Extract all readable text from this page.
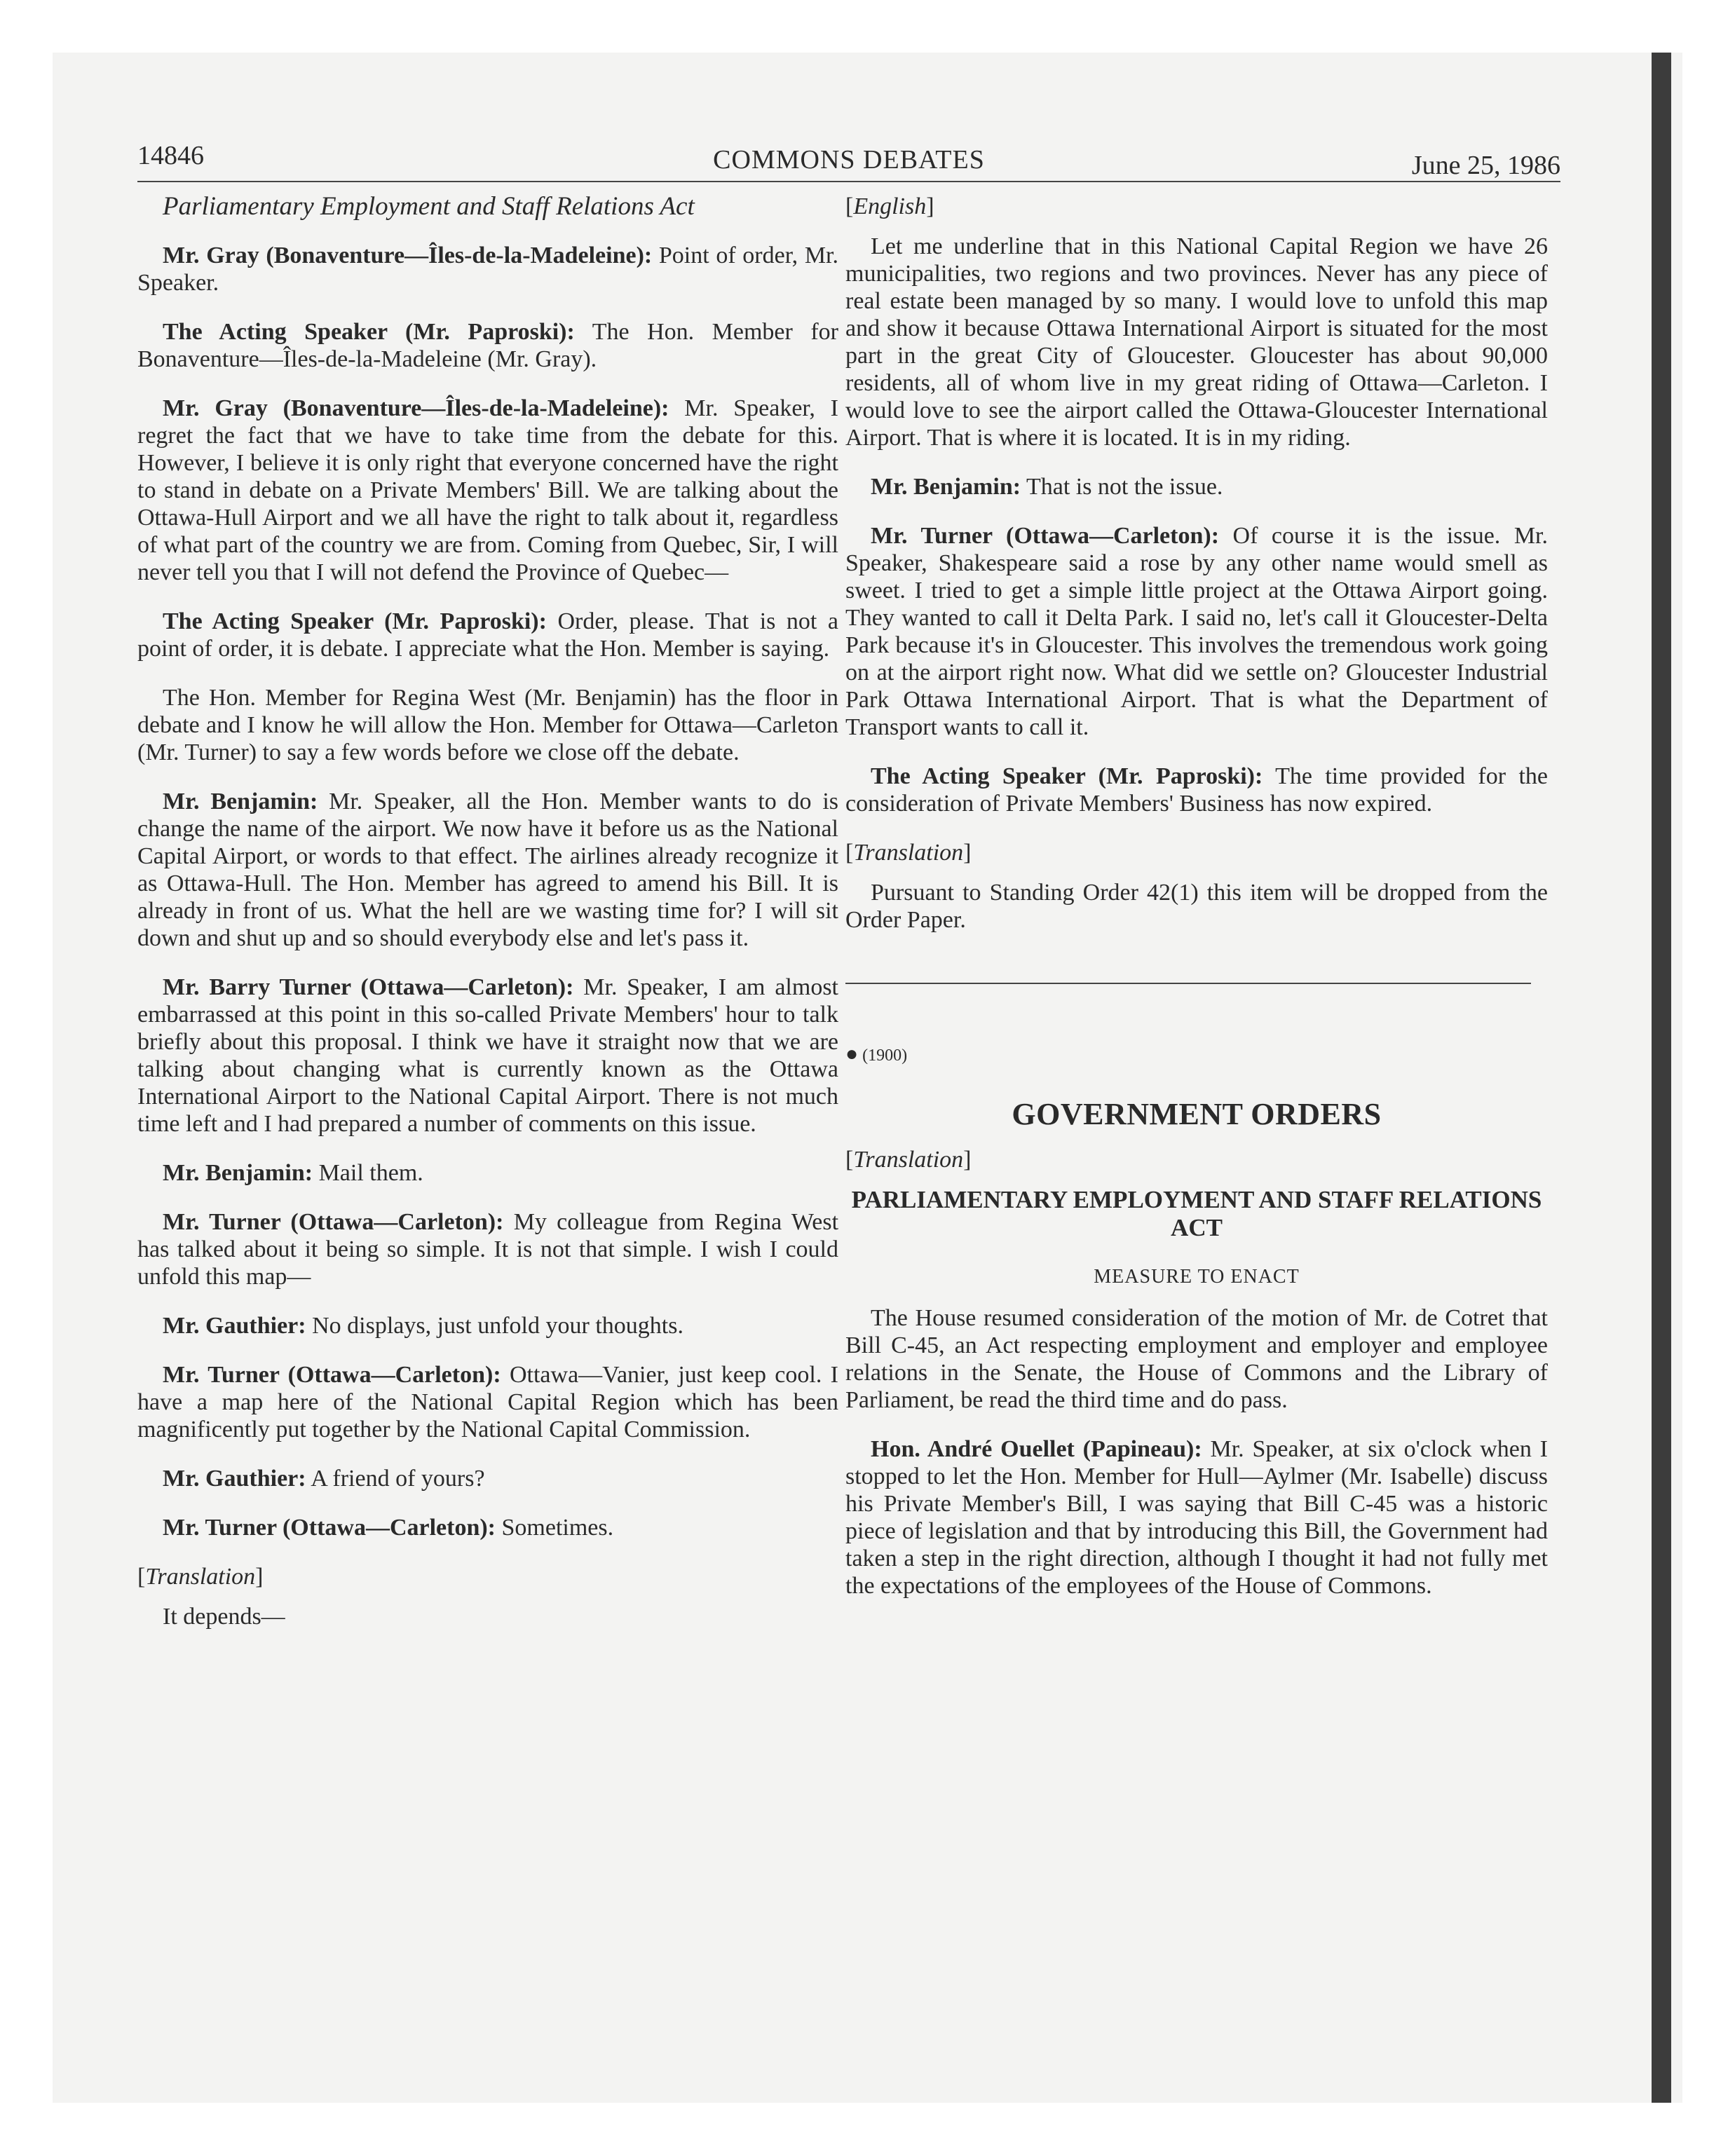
14846	COMMONS DEBATES	June 25, 1986

Parliamentary Employment and Staff Relations Act

Mr. Gray (Bonaventure—Îles-de-la-Madeleine): Point of order, Mr. Speaker.

The Acting Speaker (Mr. Paproski): The Hon. Member for Bonaventure—Îles-de-la-Madeleine (Mr. Gray).

Mr. Gray (Bonaventure—Îles-de-la-Madeleine): Mr. Speaker, I regret the fact that we have to take time from the debate for this. However, I believe it is only right that everyone concerned have the right to stand in debate on a Private Members' Bill. We are talking about the Ottawa-Hull Airport and we all have the right to talk about it, regardless of what part of the country we are from. Coming from Quebec, Sir, I will never tell you that I will not defend the Province of Quebec—

The Acting Speaker (Mr. Paproski): Order, please. That is not a point of order, it is debate. I appreciate what the Hon. Member is saying.

The Hon. Member for Regina West (Mr. Benjamin) has the floor in debate and I know he will allow the Hon. Member for Ottawa—Carleton (Mr. Turner) to say a few words before we close off the debate.

Mr. Benjamin: Mr. Speaker, all the Hon. Member wants to do is change the name of the airport. We now have it before us as the National Capital Airport, or words to that effect. The airlines already recognize it as Ottawa-Hull. The Hon. Member has agreed to amend his Bill. It is already in front of us. What the hell are we wasting time for? I will sit down and shut up and so should everybody else and let's pass it.

Mr. Barry Turner (Ottawa—Carleton): Mr. Speaker, I am almost embarrassed at this point in this so-called Private Members' hour to talk briefly about this proposal. I think we have it straight now that we are talking about changing what is currently known as the Ottawa International Airport to the National Capital Airport. There is not much time left and I had prepared a number of comments on this issue.

Mr. Benjamin: Mail them.

Mr. Turner (Ottawa—Carleton): My colleague from Regina West has talked about it being so simple. It is not that simple. I wish I could unfold this map—

Mr. Gauthier: No displays, just unfold your thoughts.

Mr. Turner (Ottawa—Carleton): Ottawa—Vanier, just keep cool. I have a map here of the National Capital Region which has been magnificently put together by the National Capital Commission.

Mr. Gauthier: A friend of yours?

Mr. Turner (Ottawa—Carleton): Sometimes.

[Translation]

It depends—

[English]

Let me underline that in this National Capital Region we have 26 municipalities, two regions and two provinces. Never has any piece of real estate been managed by so many. I would love to unfold this map and show it because Ottawa International Airport is situated for the most part in the great City of Gloucester. Gloucester has about 90,000 residents, all of whom live in my great riding of Ottawa—Carleton. I would love to see the airport called the Ottawa-Gloucester International Airport. That is where it is located. It is in my riding.

Mr. Benjamin: That is not the issue.

Mr. Turner (Ottawa—Carleton): Of course it is the issue. Mr. Speaker, Shakespeare said a rose by any other name would smell as sweet. I tried to get a simple little project at the Ottawa Airport going. They wanted to call it Delta Park. I said no, let's call it Gloucester-Delta Park because it's in Gloucester. This involves the tremendous work going on at the airport right now. What did we settle on? Gloucester Industrial Park Ottawa International Airport. That is what the Department of Transport wants to call it.

The Acting Speaker (Mr. Paproski): The time provided for the consideration of Private Members' Business has now expired.

[Translation]

Pursuant to Standing Order 42(1) this item will be dropped from the Order Paper.

● (1900)
GOVERNMENT ORDERS

[Translation]

PARLIAMENTARY EMPLOYMENT AND STAFF RELATIONS ACT
MEASURE TO ENACT

The House resumed consideration of the motion of Mr. de Cotret that Bill C-45, an Act respecting employment and employer and employee relations in the Senate, the House of Commons and the Library of Parliament, be read the third time and do pass.

Hon. André Ouellet (Papineau): Mr. Speaker, at six o'clock when I stopped to let the Hon. Member for Hull—Aylmer (Mr. Isabelle) discuss his Private Member's Bill, I was saying that Bill C-45 was a historic piece of legislation and that by introducing this Bill, the Government had taken a step in the right direction, although I thought it had not fully met the expectations of the employees of the House of Commons.
